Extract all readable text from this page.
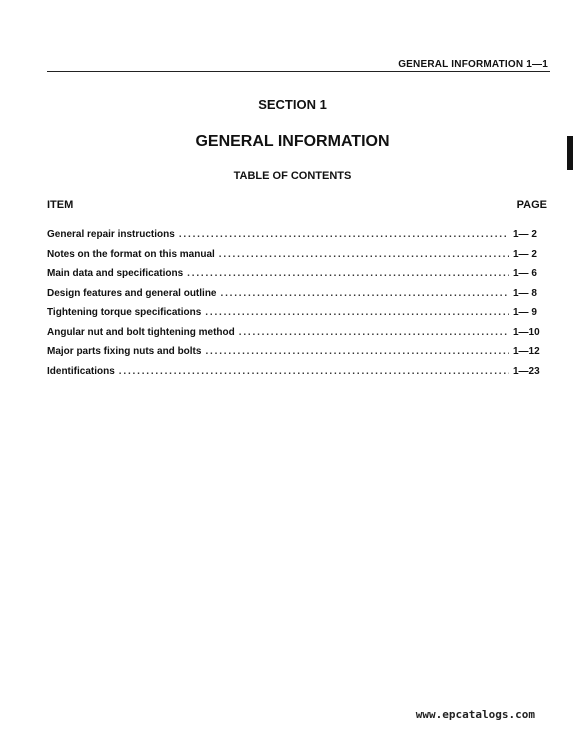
GENERAL INFORMATION 1—1
SECTION 1
GENERAL INFORMATION
TABLE OF CONTENTS
ITEM	PAGE
General repair instructions .....	1— 2
Notes on the format on this manual .....	1— 2
Main data and specifications .....	1— 6
Design features and general outline .....	1— 8
Tightening torque specifications .....	1— 9
Angular nut and bolt tightening method .....	1—10
Major parts fixing nuts and bolts .....	1—12
Identifications .....	1—23
www.epcatalogs.com
